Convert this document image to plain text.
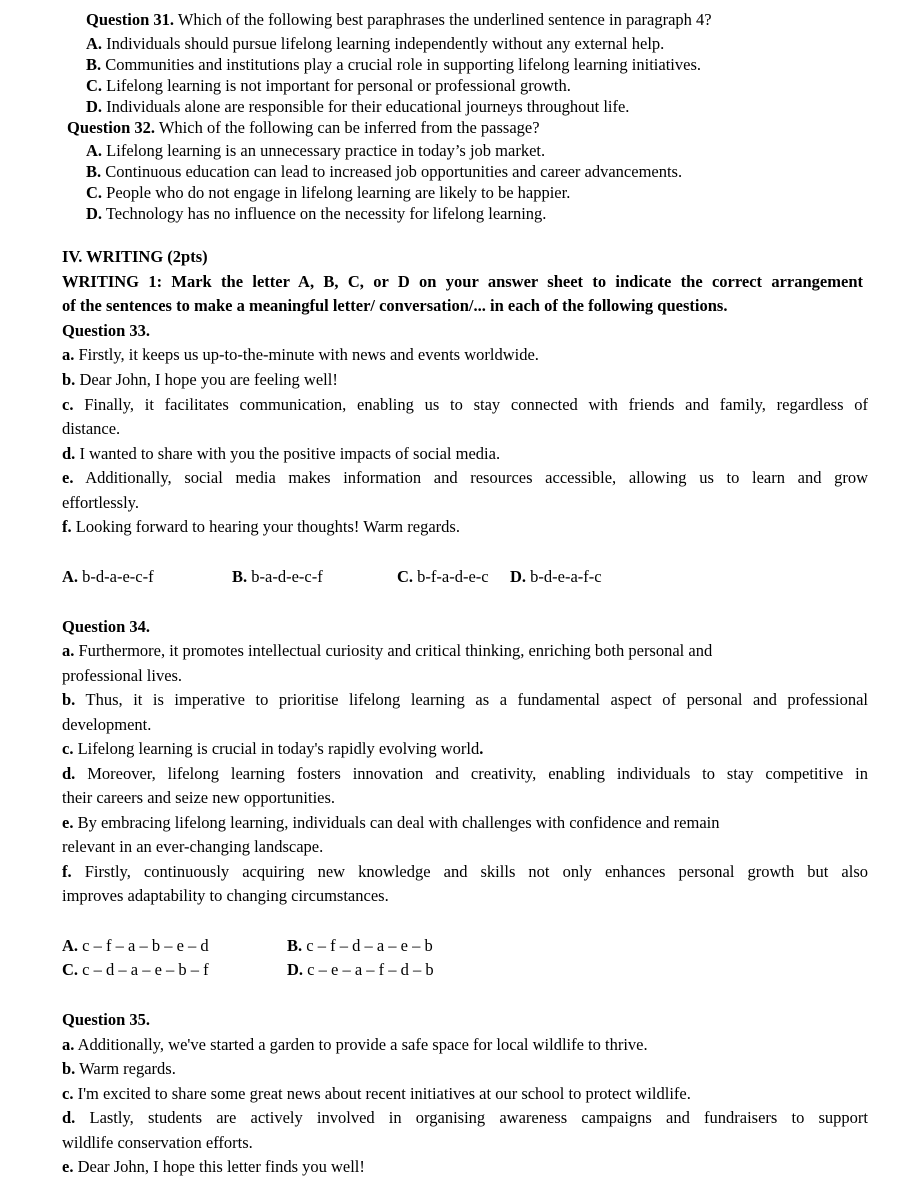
Question 31. Which of the following best paraphrases the underlined sentence in paragraph 4?
A. Individuals should pursue lifelong learning independently without any external help.
B. Communities and institutions play a crucial role in supporting lifelong learning initiatives.
C. Lifelong learning is not important for personal or professional growth.
D. Individuals alone are responsible for their educational journeys throughout life.
Question 32. Which of the following can be inferred from the passage?
A. Lifelong learning is an unnecessary practice in today’s job market.
B. Continuous education can lead to increased job opportunities and career advancements.
C. People who do not engage in lifelong learning are likely to be happier.
D. Technology has no influence on the necessity for lifelong learning.
IV. WRITING (2pts)
WRITING 1: Mark the letter A, B, C, or D on your answer sheet to indicate the correct arrangement
of the sentences to make a meaningful letter/ conversation/... in each of the following questions.
Question 33.
a. Firstly, it keeps us up-to-the-minute with news and events worldwide.
b. Dear John, I hope you are feeling well!
c. Finally, it facilitates communication, enabling us to stay connected with friends and family, regardless of
distance.
d. I wanted to share with you the positive impacts of social media.
e. Additionally, social media makes information and resources accessible, allowing us to learn and grow
effortlessly.
f. Looking forward to hearing your thoughts! Warm regards.
A. b-d-a-e-c-f	B. b-a-d-e-c-f	C. b-f-a-d-e-c D. b-d-e-a-f-c
Question 34.
a. Furthermore, it promotes intellectual curiosity and critical thinking, enriching both personal and
professional lives.
b. Thus, it is imperative to prioritise lifelong learning as a fundamental aspect of personal and professional
development.
c. Lifelong learning is crucial in today's rapidly evolving world.
d. Moreover, lifelong learning fosters innovation and creativity, enabling individuals to stay competitive in
their careers and seize new opportunities.
e. By embracing lifelong learning, individuals can deal with challenges with confidence and remain
relevant in an ever-changing landscape.
f. Firstly, continuously acquiring new knowledge and skills not only enhances personal growth but also
improves adaptability to changing circumstances.
A. c – f – a – b – e – d	B. c – f – d – a – e – b
C. c – d – a – e – b – f	D. c – e – a – f – d – b
Question 35.
a. Additionally, we've started a garden to provide a safe space for local wildlife to thrive.
b. Warm regards.
c. I'm excited to share some great news about recent initiatives at our school to protect wildlife.
d. Lastly, students are actively involved in organising awareness campaigns and fundraisers to support
wildlife conservation efforts.
e. Dear John, I hope this letter finds you well!
